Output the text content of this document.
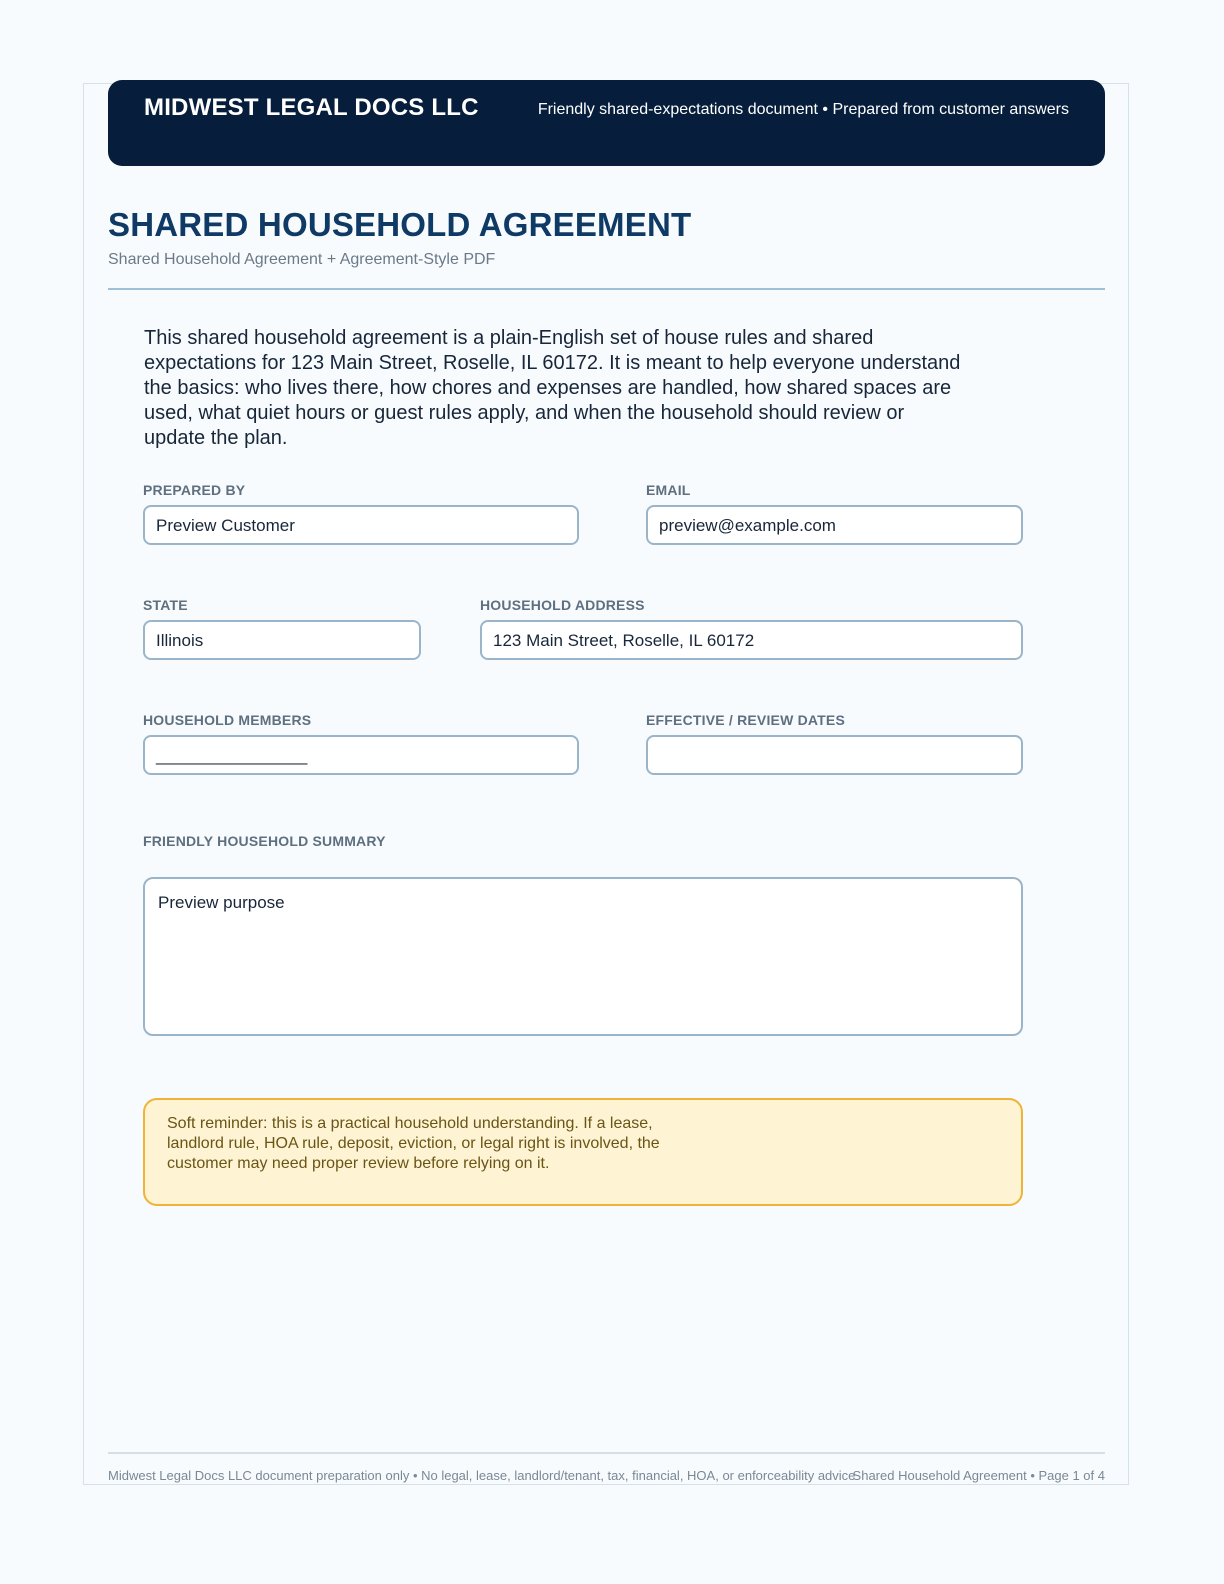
MIDWEST LEGAL DOCS LLC	Friendly shared-expectations document • Prepared from customer answers
SHARED HOUSEHOLD AGREEMENT
Shared Household Agreement + Agreement-Style PDF
This shared household agreement is a plain-English set of house rules and shared expectations for 123 Main Street, Roselle, IL 60172. It is meant to help everyone understand the basics: who lives there, how chores and expenses are handled, how shared spaces are used, what quiet hours or guest rules apply, and when the household should review or update the plan.
PREPARED BY
Preview Customer
EMAIL
preview@example.com
STATE
Illinois
HOUSEHOLD ADDRESS
123 Main Street, Roselle, IL 60172
HOUSEHOLD MEMBERS
________________
EFFECTIVE / REVIEW DATES
FRIENDLY HOUSEHOLD SUMMARY
Preview purpose
Soft reminder: this is a practical household understanding. If a lease, landlord rule, HOA rule, deposit, eviction, or legal right is involved, the customer may need proper review before relying on it.
Midwest Legal Docs LLC document preparation only • No legal, lease, landlord/tenant, tax, financial, HOA, or enforceability advice
Shared Household Agreement • Page 1 of 4
